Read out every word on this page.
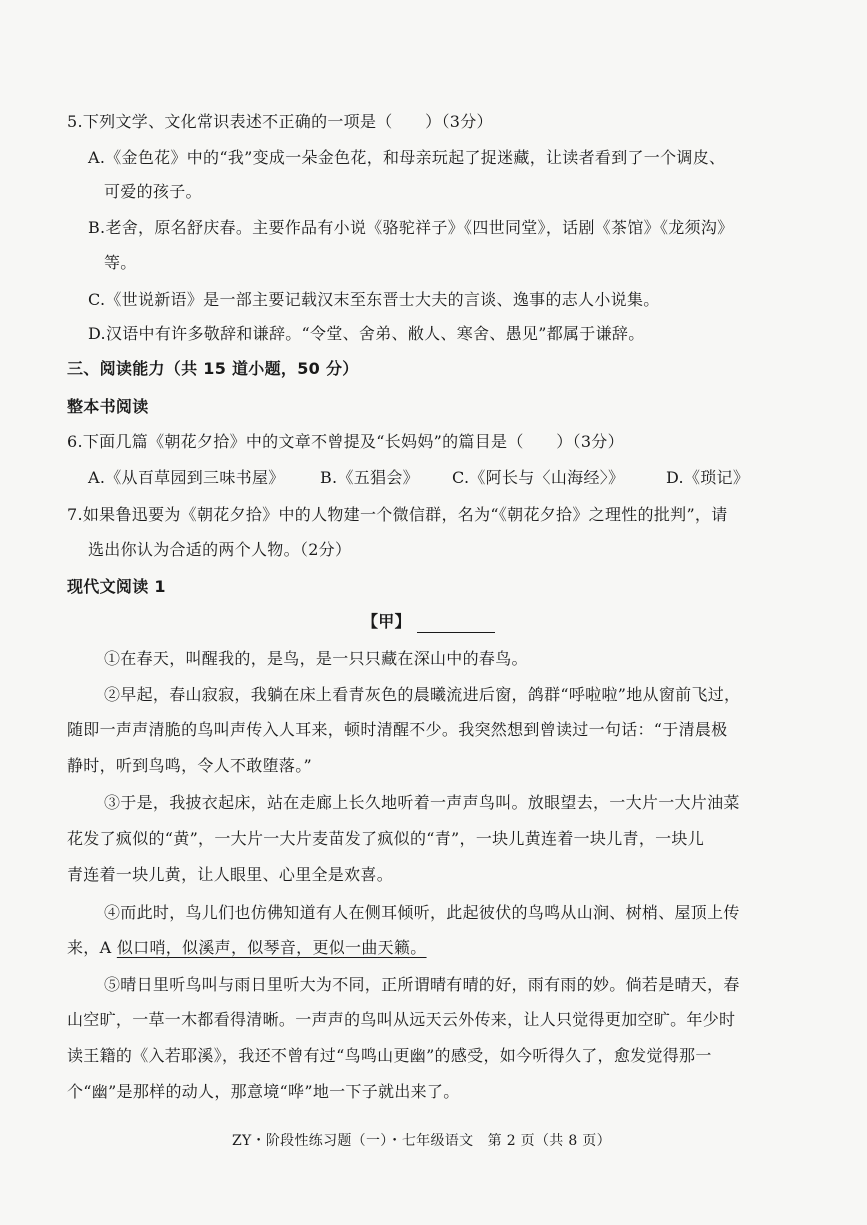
5.下列文学、文化常识表述不正确的一项是（　　）（3分）
A.《金色花》中的“我”变成一朵金色花，和母亲玩起了捉迷藏，让读者看到了一个调皮、
可爱的孩子。
B.老舍，原名舒庆春。主要作品有小说《骆驼祥子》《四世同堂》，话剧《茶馆》《龙须沟》
等。
C.《世说新语》是一部主要记载汉末至东晋士大夫的言谈、逸事的志人小说集。
D.汉语中有许多敬辞和谦辞。“令堂、舍弟、敝人、寒舍、愚见”都属于谦辞。
三、阅读能力（共 15 道小题，50 分）
整本书阅读
6.下面几篇《朝花夕拾》中的文章不曾提及“长妈妈”的篇目是（　　）（3分）
A.《从百草园到三味书屋》 B.《五猖会》 C.《阿长与〈山海经〉》	D.《琐记》
7.如果鲁迅要为《朝花夕拾》中的人物建一个微信群，名为“《朝花夕拾》之理性的批判”，请
选出你认为合适的两个人物。（2分）
现代文阅读 1
【甲】
①在春天，叫醒我的，是鸟，是一只只藏在深山中的春鸟。
②早起，春山寂寂，我躺在床上看青灰色的晨曦流进后窗，鸽群“呼啦啦”地从窗前飞过，
随即一声声清脆的鸟叫声传入人耳来，顿时清醒不少。我突然想到曾读过一句话：“于清晨极
静时，听到鸟鸣，令人不敢堕落。”
③于是，我披衣起床，站在走廊上长久地听着一声声鸟叫。放眼望去，一大片一大片油菜
花发了疯似的“黄”，一大片一大片麦苗发了疯似的“青”，一块儿黄连着一块儿青，一块儿
青连着一块儿黄，让人眼里、心里全是欢喜。
④而此时，鸟儿们也仿佛知道有人在侧耳倾听，此起彼伏的鸟鸣从山涧、树梢、屋顶上传
来，A 似口哨，似溪声，似琴音，更似一曲天籁。
⑤晴日里听鸟叫与雨日里听大为不同，正所谓晴有晴的好，雨有雨的妙。倘若是晴天，春
山空旷，一草一木都看得清晰。一声声的鸟叫从远天云外传来，让人只觉得更加空旷。年少时
读王籍的《入若耶溪》，我还不曾有过“鸟鸣山更幽”的感受，如今听得久了，愈发觉得那一
个“幽”是那样的动人，那意境“哗”地一下子就出来了。
ZY・阶段性练习题（一）・七年级语文　第 2 页（共 8 页）
